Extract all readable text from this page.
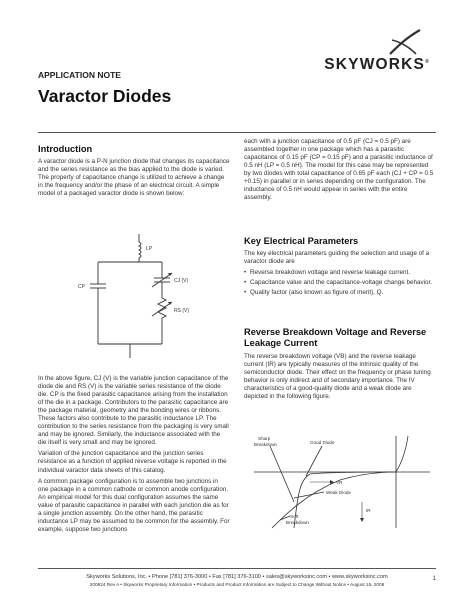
SKYWORKS®
APPLICATION NOTE
Varactor Diodes
Introduction

A varactor diode is a P-N junction diode that changes its capacitance and the series resistance as the bias applied to the diode is varied. The property of capacitance change is utilized to achieve a change in the frequency and/or the phase of an electrical circuit. A simple model of a packaged varactor diode is shown below:

LP
CP
CJ (V)
RS (V)

In the above figure, CJ (V) is the variable junction capacitance of the diode die and RS (V) is the variable series resistance of the diode die. CP is the fixed parasitic capacitance arising from the installation of the die in a package. Contributors to the parasitic capacitance are the package material, geometry and the bonding wires or ribbons. These factors also contribute to the parasitic inductance LP. The contribution to the series resistance from the packaging is very small and may be ignored. Similarly, the inductance associated with the die itself is very small and may be ignored.

Variation of the junction capacitance and the junction series resistance as a function of applied reverse voltage is reported in the individual varactor data sheets of this catalog.

A common package configuration is to assemble two junctions in one package in a common cathode or common anode configuration. An empirical model for this dual configuration assumes the same value of parasitic capacitance in parallel with each junction die as for a single junction assembly. On the other hand, the parasitic inductance LP may be assumed to be common for the assembly. For example, suppose two junctions

each with a junction capacitance of 0.5 pF (CJ = 0.5 pF) are assembled together in one package which has a parasitic capacitance of 0.15 pF (CP = 0.15 pF) and a parasitic inductance of 0.5 nH (LP = 0.5 nH). The model for this case may be represented by two diodes with total capacitance of 0.65 pF each (CJ + CP = 0.5 +0.15) in parallel or in series depending on the configuration. The inductance of 0.5 nH would appear in series with the entire assembly.

Key Electrical Parameters

The key electrical parameters guiding the selection and usage of a varactor diode are

• Reverse breakdown voltage and reverse leakage current.
• Capacitance value and the capacitance-voltage change behavior.
• Quality factor (also known as figure of merit), Q.
Reverse Breakdown Voltage and Reverse Leakage Current

The reverse breakdown voltage (VB) and the reverse leakage current (IR) are typically measures of the intrinsic quality of the semiconductor diode. Their effect on the frequency or phase tuning behavior is only indirect and of secondary importance. The IV characteristics of a good-quality diode and a weak diode are depicted in the following figure.

Sharp
Breakdown	Good Diode
Weak Diode
VR
IR
Soft
Breakdown
Skyworks Solutions, Inc. • Phone [781] 376-3000 • Fax [781] 376-3100 • sales@skyworksinc.com • www.skyworksinc.com
200824 Rev A • Skyworks Proprietary Information • Products and Product Information are Subject to Change Without Notice • August 15, 2008
1
